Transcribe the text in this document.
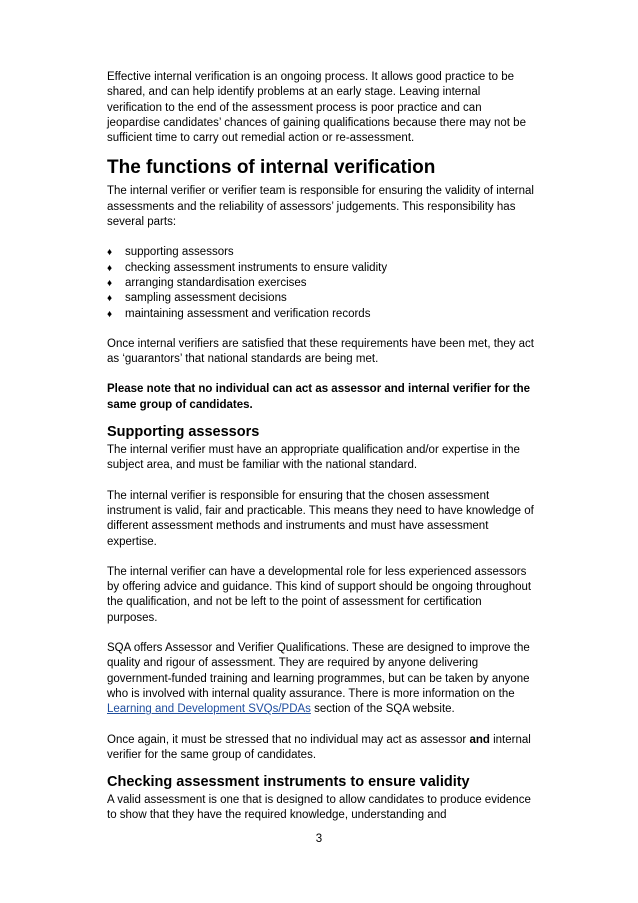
Effective internal verification is an ongoing process. It allows good practice to be shared, and can help identify problems at an early stage. Leaving internal verification to the end of the assessment process is poor practice and can jeopardise candidates’ chances of gaining qualifications because there may not be sufficient time to carry out remedial action or re-assessment.

The functions of internal verification

The internal verifier or verifier team is responsible for ensuring the validity of internal assessments and the reliability of assessors’ judgements. This responsibility has several parts:

♦	supporting assessors
♦	checking assessment instruments to ensure validity
♦	arranging standardisation exercises
♦	sampling assessment decisions
♦	maintaining assessment and verification records

Once internal verifiers are satisfied that these requirements have been met, they act as ‘guarantors’ that national standards are being met.

Please note that no individual can act as assessor and internal verifier for the same group of candidates.

Supporting assessors

The internal verifier must have an appropriate qualification and/or expertise in the subject area, and must be familiar with the national standard.

The internal verifier is responsible for ensuring that the chosen assessment instrument is valid, fair and practicable. This means they need to have knowledge of different assessment methods and instruments and must have assessment expertise.

The internal verifier can have a developmental role for less experienced assessors by offering advice and guidance. This kind of support should be ongoing throughout the qualification, and not be left to the point of assessment for certification purposes.

SQA offers Assessor and Verifier Qualifications. These are designed to improve the quality and rigour of assessment. They are required by anyone delivering government-funded training and learning programmes, but can be taken by anyone who is involved with internal quality assurance. There is more information on the Learning and Development SVQs/PDAs section of the SQA website.

Once again, it must be stressed that no individual may act as assessor and internal verifier for the same group of candidates.

Checking assessment instruments to ensure validity

A valid assessment is one that is designed to allow candidates to produce evidence to show that they have the required knowledge, understanding and

3
